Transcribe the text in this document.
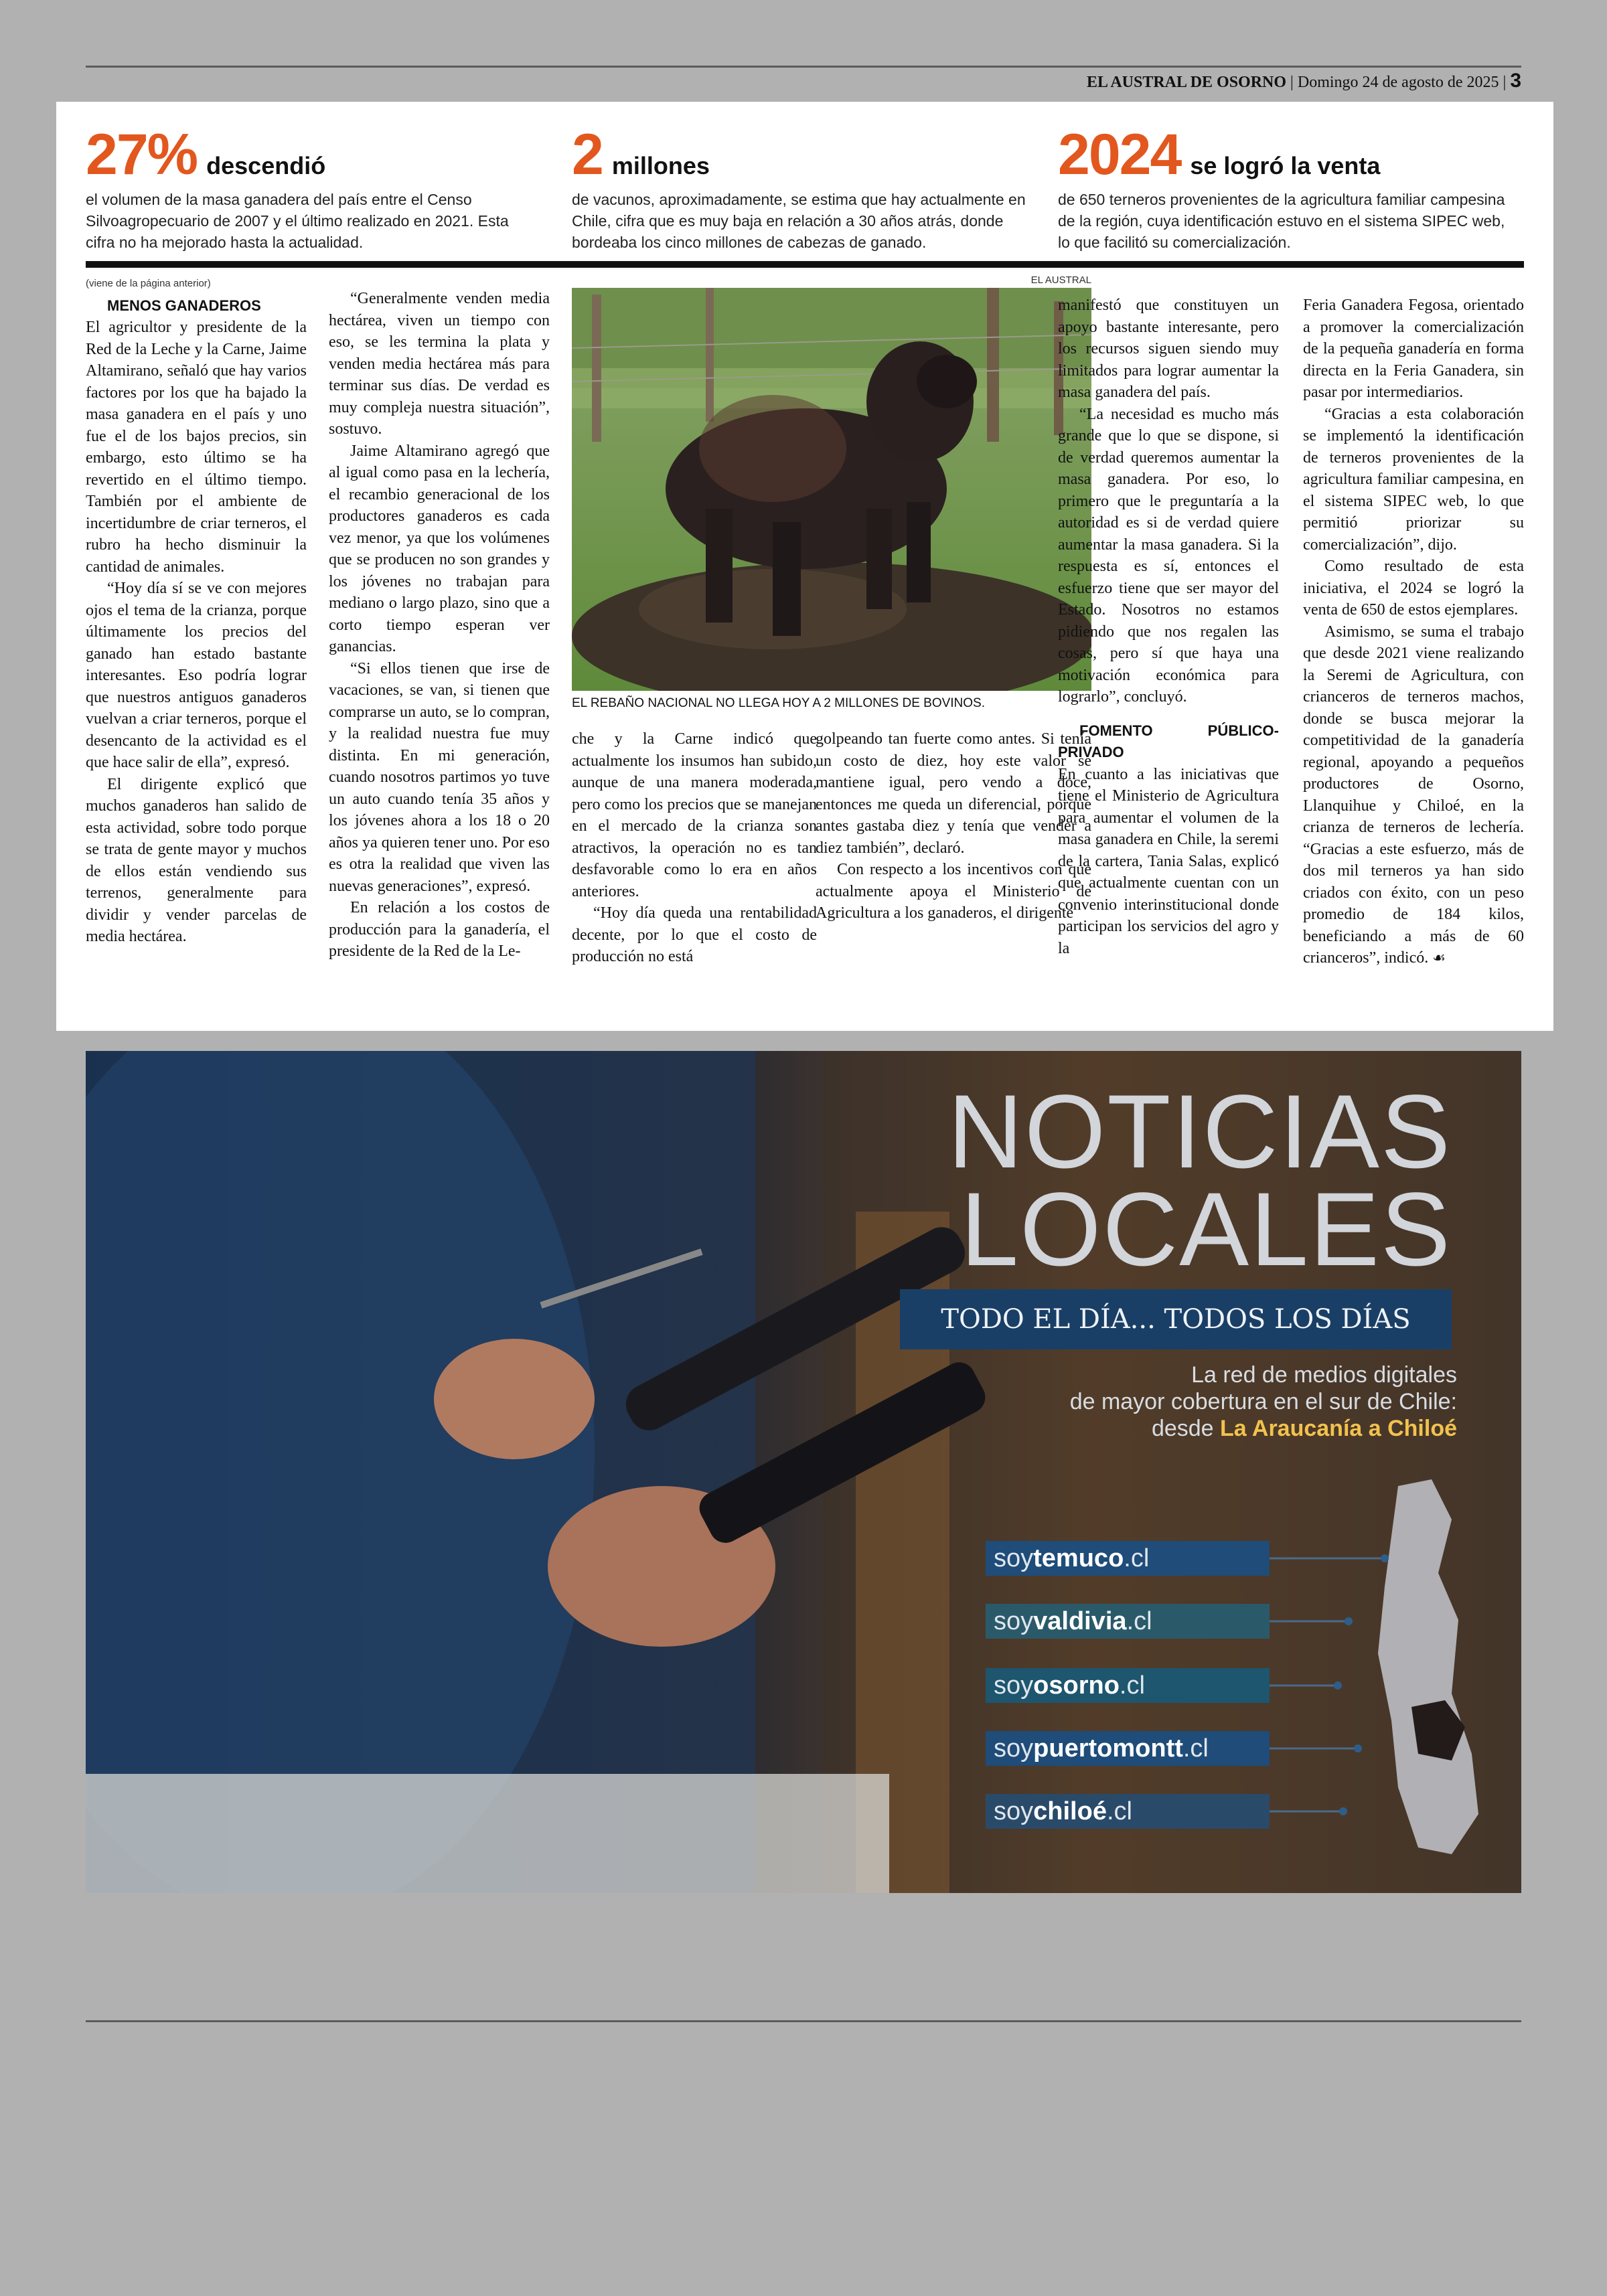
EL AUSTRAL DE OSORNO | Domingo 24 de agosto de 2025 | 3
27% descendió
el volumen de la masa ganadera del país entre el Censo Silvoagropecuario de 2007 y el último realizado en 2021. Esta cifra no ha mejorado hasta la actualidad.
2 millones
de vacunos, aproximadamente, se estima que hay actualmente en Chile, cifra que es muy baja en relación a 30 años atrás, donde bordeaba los cinco millones de cabezas de ganado.
2024 se logró la venta
de 650 terneros provenientes de la agricultura familiar campesina de la región, cuya identificación estuvo en el sistema SIPEC web, lo que facilitó su comercialización.

(viene de la página anterior)

MENOS GANADEROS

El agricultor y presidente de la Red de la Leche y la Carne, Jaime Altamirano, señaló que hay varios factores por los que ha bajado la masa ganadera en el país y uno fue el de los bajos precios, sin embargo, esto último se ha revertido en el último tiempo. También por el ambiente de incertidumbre de criar terneros, el rubro ha hecho disminuir la cantidad de animales.

“Hoy día sí se ve con mejores ojos el tema de la crianza, porque últimamente los precios del ganado han estado bastante interesantes. Eso podría lograr que nuestros antiguos ganaderos vuelvan a criar terneros, porque el desencanto de la actividad es el que hace salir de ella”, expresó.

El dirigente explicó que muchos ganaderos han salido de esta actividad, sobre todo porque se trata de gente mayor y muchos de ellos están vendiendo sus terrenos, generalmente para dividir y vender parcelas de media hectárea.

“Generalmente venden media hectárea, viven un tiempo con eso, se les termina la plata y venden media hectárea más para terminar sus días. De verdad es muy compleja nuestra situación”, sostuvo.

Jaime Altamirano agregó que al igual como pasa en la lechería, el recambio generacional de los productores ganaderos es cada vez menor, ya que los volúmenes que se producen no son grandes y los jóvenes no trabajan para mediano o largo plazo, sino que a corto tiempo esperan ver ganancias.

“Si ellos tienen que irse de vacaciones, se van, si tienen que comprarse un auto, se lo compran, y la realidad nuestra fue muy distinta. En mi generación, cuando nosotros partimos yo tuve un auto cuando tenía 35 años y los jóvenes ahora a los 18 o 20 años ya quieren tener uno. Por eso es otra la realidad que viven las nuevas generaciones”, expresó.

En relación a los costos de producción para la ganadería, el presidente de la Red de la Le-

EL AUSTRAL
EL REBAÑO NACIONAL NO LLEGA HOY A 2 MILLONES DE BOVINOS.

che y la Carne indicó que actualmente los insumos han subido, aunque de una manera moderada, pero como los precios que se manejan en el mercado de la crianza son atractivos, la operación no es tan desfavorable como lo era en años anteriores.

“Hoy día queda una rentabilidad decente, por lo que el costo de producción no está

golpeando tan fuerte como antes. Si tenía un costo de diez, hoy este valor se mantiene igual, pero vendo a doce, entonces me queda un diferencial, porque antes gastaba diez y tenía que vender a diez también”, declaró.

Con respecto a los incentivos con que actualmente apoya el Ministerio de Agricultura a los ganaderos, el dirigente

manifestó que constituyen un apoyo bastante interesante, pero los recursos siguen siendo muy limitados para lograr aumentar la masa ganadera del país.

“La necesidad es mucho más grande que lo que se dispone, si de verdad queremos aumentar la masa ganadera. Por eso, lo primero que le preguntaría a la autoridad es si de verdad quiere aumentar la masa ganadera. Si la respuesta es sí, entonces el esfuerzo tiene que ser mayor del Estado. Nosotros no estamos pidiendo que nos regalen las cosas, pero sí que haya una motivación económica para lograrlo”, concluyó.

FOMENTO PÚBLICO-PRIVADO

En cuanto a las iniciativas que tiene el Ministerio de Agricultura para aumentar el volumen de la masa ganadera en Chile, la seremi de la cartera, Tania Salas, explicó que actualmente cuentan con un convenio interinstitucional donde participan los servicios del agro y la

Feria Ganadera Fegosa, orientado a promover la comercialización de la pequeña ganadería en forma directa en la Feria Ganadera, sin pasar por intermediarios.

“Gracias a esta colaboración se implementó la identificación de terneros provenientes de la agricultura familiar campesina, en el sistema SIPEC web, lo que permitió priorizar su comercialización”, dijo.

Como resultado de esta iniciativa, el 2024 se logró la venta de 650 de estos ejemplares.

Asimismo, se suma el trabajo que desde 2021 viene realizando la Seremi de Agricultura, con crianceros de terneros machos, donde se busca mejorar la competitividad de la ganadería regional, apoyando a pequeños productores de Osorno, Llanquihue y Chiloé, en la crianza de terneros de lechería. “Gracias a este esfuerzo, más de dos mil terneros ya han sido criados con éxito, con un peso promedio de 184 kilos, beneficiando a más de 60 crianceros”, indicó. ☙

NOTICIAS
LOCALES
TODO EL DÍA... TODOS LOS DÍAS
La red de medios digitales
de mayor cobertura en el sur de Chile:
desde La Araucanía a Chiloé
soytemuco.cl
soyvaldivia.cl
soyosorno.cl
soypuertomontt.cl
soychiloé.cl
